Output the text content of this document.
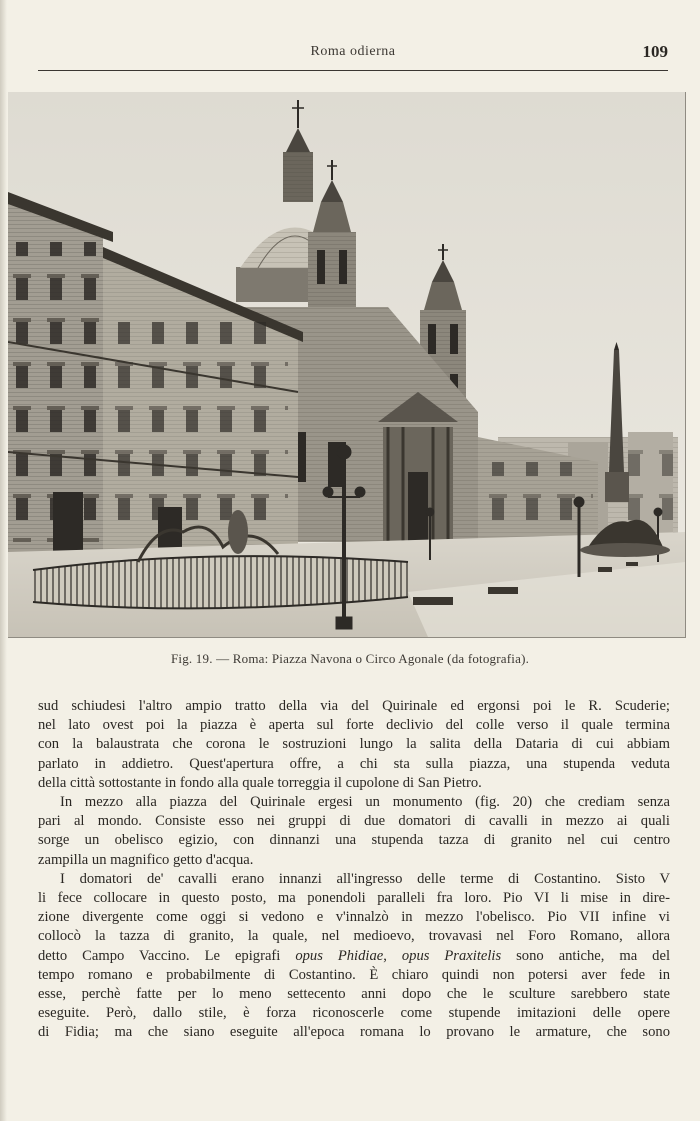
Roma odierna	109
Fig. 19. — Roma: Piazza Navona o Circo Agonale (da fotografia).
sud schiudesi l'altro ampio tratto della via del Quirinale ed ergonsi poi le R. Scuderie;
nel lato ovest poi la piazza è aperta sul forte declivio del colle verso il quale termina
con la balaustrata che corona le sostruzioni lungo la salita della Dataria di cui abbiam
parlato in addietro. Quest'apertura offre, a chi sta sulla piazza, una stupenda veduta
della città sottostante in fondo alla quale torreggia il cupolone di San Pietro.
In mezzo alla piazza del Quirinale ergesi un monumento (fig. 20) che crediam senza
pari al mondo. Consiste esso nei gruppi di due domatori di cavalli in mezzo ai quali
sorge un obelisco egizio, con dinnanzi una stupenda tazza di granito nel cui centro
zampilla un magnifico getto d'acqua.
I domatori de' cavalli erano innanzi all'ingresso delle terme di Costantino. Sisto V
li fece collocare in questo posto, ma ponendoli paralleli fra loro. Pio VI li mise in dire-
zione divergente come oggi si vedono e v'innalzò in mezzo l'obelisco. Pio VII infine vi
collocò la tazza di granito, la quale, nel medioevo, trovavasi nel Foro Romano, allora
detto Campo Vaccino. Le epigrafi opus Phidiae, opus Praxitelis sono antiche, ma del
tempo romano e probabilmente di Costantino. È chiaro quindi non potersi aver fede in
esse, perchè fatte per lo meno settecento anni dopo che le sculture sarebbero state
eseguite. Però, dallo stile, è forza riconoscerle come stupende imitazioni delle opere
di Fidia; ma che siano eseguite all'epoca romana lo provano le armature, che sono
